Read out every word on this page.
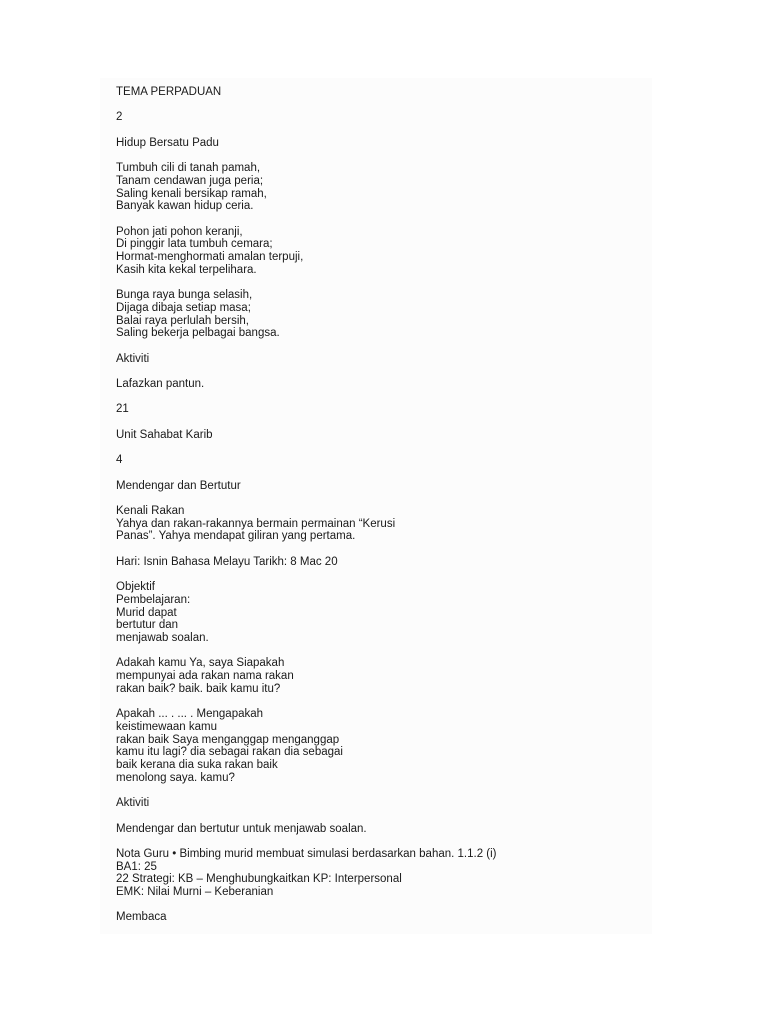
TEMA PERPADUAN
2
Hidup Bersatu Padu
Tumbuh cili di tanah pamah,
Tanam cendawan juga peria;
Saling kenali bersikap ramah,
Banyak kawan hidup ceria.
Pohon jati pohon keranji,
Di pinggir lata tumbuh cemara;
Hormat-menghormati amalan terpuji,
Kasih kita kekal terpelihara.
Bunga raya bunga selasih,
Dijaga dibaja setiap masa;
Balai raya perlulah bersih,
Saling bekerja pelbagai bangsa.
Aktiviti
Lafazkan pantun.
21
Unit Sahabat Karib
4
Mendengar dan Bertutur
Kenali Rakan
Yahya dan rakan-rakannya bermain permainan “Kerusi
Panas”. Yahya mendapat giliran yang pertama.
Hari: Isnin Bahasa Melayu Tarikh: 8 Mac 20
Objektif
Pembelajaran:
Murid dapat
bertutur dan
menjawab soalan.
Adakah kamu Ya, saya Siapakah
mempunyai ada rakan nama rakan
rakan baik? baik. baik kamu itu?
Apakah ... . ... . Mengapakah
keistimewaan kamu
rakan baik Saya menganggap menganggap
kamu itu lagi? dia sebagai rakan dia sebagai
baik kerana dia suka rakan baik
menolong saya. kamu?
Aktiviti
Mendengar dan bertutur untuk menjawab soalan.
Nota Guru • Bimbing murid membuat simulasi berdasarkan bahan. 1.1.2 (i)
BA1: 25
22 Strategi: KB – Menghubungkaitkan KP: Interpersonal
EMK: Nilai Murni – Keberanian
Membaca
